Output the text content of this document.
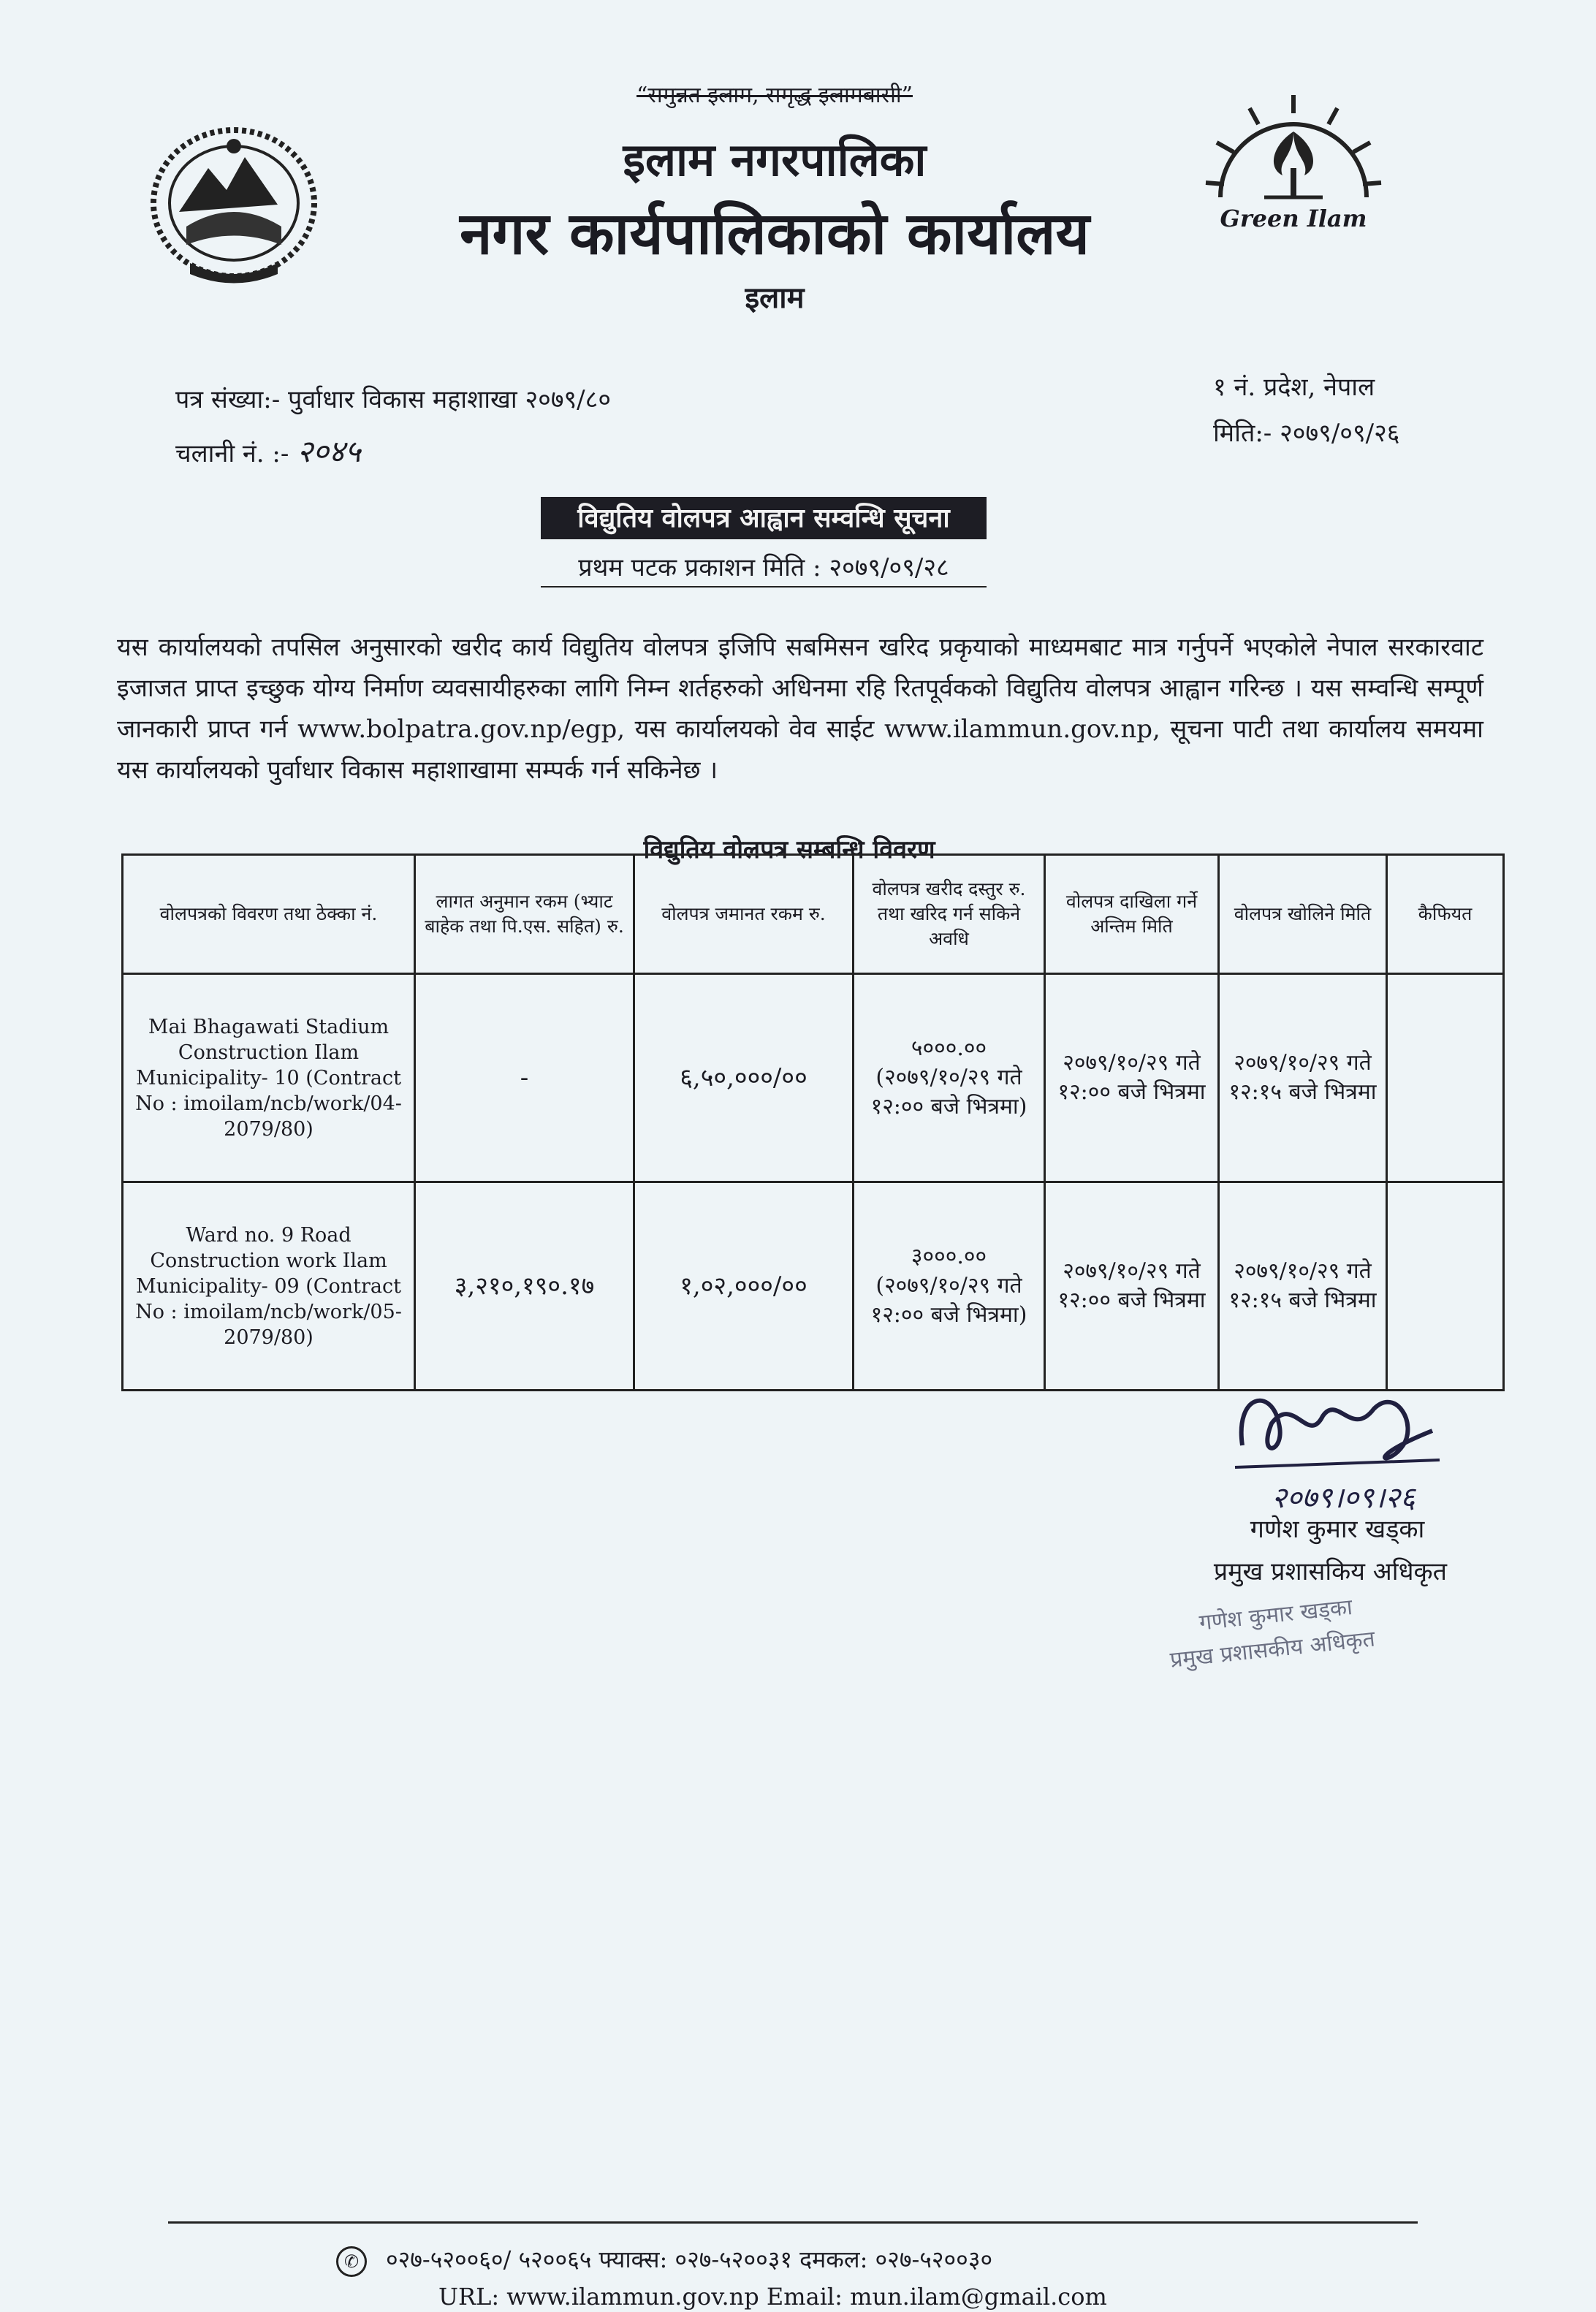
“समुन्नत इलाम, समृद्ध इलामबासी”
इलाम नगरपालिका
नगर कार्यपालिकाको कार्यालय
इलाम
Green Ilam
पत्र संख्या:- पुर्वाधार विकास महाशाखा २०७९/८०
चलानी नं. :- २०४५
१ नं. प्रदेश, नेपाल
मिति:- २०७९/०९/२६
विद्युतिय वोलपत्र आह्वान सम्वन्धि सूचना
प्रथम पटक प्रकाशन मिति : २०७९/०९/२८
यस कार्यालयको तपसिल अनुसारको खरीद कार्य विद्युतिय वोलपत्र इजिपि सबमिसन खरिद प्रकृयाको माध्यमबाट मात्र गर्नुपर्ने भएकोले नेपाल सरकारवाट इजाजत प्राप्त इच्छुक योग्य निर्माण व्यवसायीहरुका लागि निम्न शर्तहरुको अधिनमा रहि रितपूर्वकको विद्युतिय वोलपत्र आह्वान गरिन्छ । यस सम्वन्धि सम्पूर्ण जानकारी प्राप्त गर्न www.bolpatra.gov.np/egp, यस कार्यालयको वेव साईट www.ilammun.gov.np, सूचना पाटी तथा कार्यालय समयमा यस कार्यालयको पुर्वाधार विकास महाशाखामा सम्पर्क गर्न सकिनेछ ।
विद्युतिय वोलपत्र सम्बन्धि विवरण
वोलपत्रको विवरण तथा ठेक्का नं.	लागत अनुमान रकम (भ्याट बाहेक तथा पि.एस. सहित) रु.	वोलपत्र जमानत रकम रु.	वोलपत्र खरीद दस्तुर रु. तथा खरिद गर्न सकिने अवधि	वोलपत्र दाखिला गर्ने अन्तिम मिति	वोलपत्र खोलिने मिति	कैफियत
Mai Bhagawati Stadium Construction Ilam Municipality- 10 (Contract No : imoilam/ncb/work/04-2079/80)	-	६,५०,०००/००	५०००.०० (२०७९/१०/२९ गते १२:०० बजे भित्रमा)	२०७९/१०/२९ गते १२:०० बजे भित्रमा	२०७९/१०/२९ गते १२:१५ बजे भित्रमा	
Ward no. 9 Road Construction work Ilam Municipality- 09 (Contract No : imoilam/ncb/work/05-2079/80)	३,२१०,१९०.१७	१,०२,०००/००	३०००.०० (२०७९/१०/२९ गते १२:०० बजे भित्रमा)	२०७९/१०/२९ गते १२:०० बजे भित्रमा	२०७९/१०/२९ गते १२:१५ बजे भित्रमा	
२०७९।०९।२६
गणेश कुमार खड्का
प्रमुख प्रशासकिय अधिकृत
गणेश कुमार खड्का
प्रमुख प्रशासकीय अधिकृत
✆ ०२७-५२००६०/ ५२००६५ फ्याक्स: ०२७-५२००३१ दमकल: ०२७-५२००३०
URL: www.ilammun.gov.np Email: mun.ilam@gmail.com
